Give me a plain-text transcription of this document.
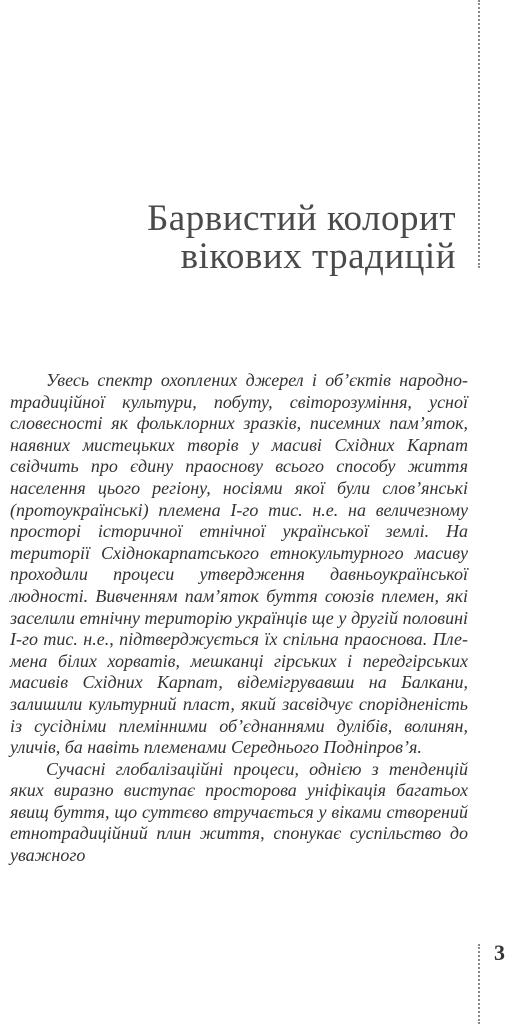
Барвистий колорит
вікових традицій

Увесь спектр охоплених джерел і об’єктів народно-традиційної культури, побуту, світорозуміння, усної словесності як фольклорних зразків, писемних пам’яток, наявних мистецьких творів у масиві Східних Карпат свідчить про єдину праоснову всього способу життя населення цього регіону, носіями якої були слов’янські (протоукраїнські) племена І-го тис. н.е. на величезному просторі історичної етнічної української землі. На території Східнокарпатського етнокультурного масиву проходили процеси утвердження давньоукраїнської людності. Вивченням пам’яток буття союзів племен, які заселили етнічну територію українців ще у другій половині І-го тис. н.е., підтверджується їх спільна праоснова. Племена білих хорватів, мешканці гірських і передгірських масивів Східних Карпат, відемігрувавши на Балкани, залишили культурний пласт, який засвідчує спорідненість із сусідніми племінними об’єднаннями дулібів, волинян, уличів, ба навіть племенами Середнього Подніпров’я.

Сучасні глобалізаційні процеси, однією з тенденцій яких виразно виступає просторова уніфікація багатьох явищ буття, що суттєво втручається у віками створений етнотрадиційний плин життя, спонукає суспільство до уважного

3
